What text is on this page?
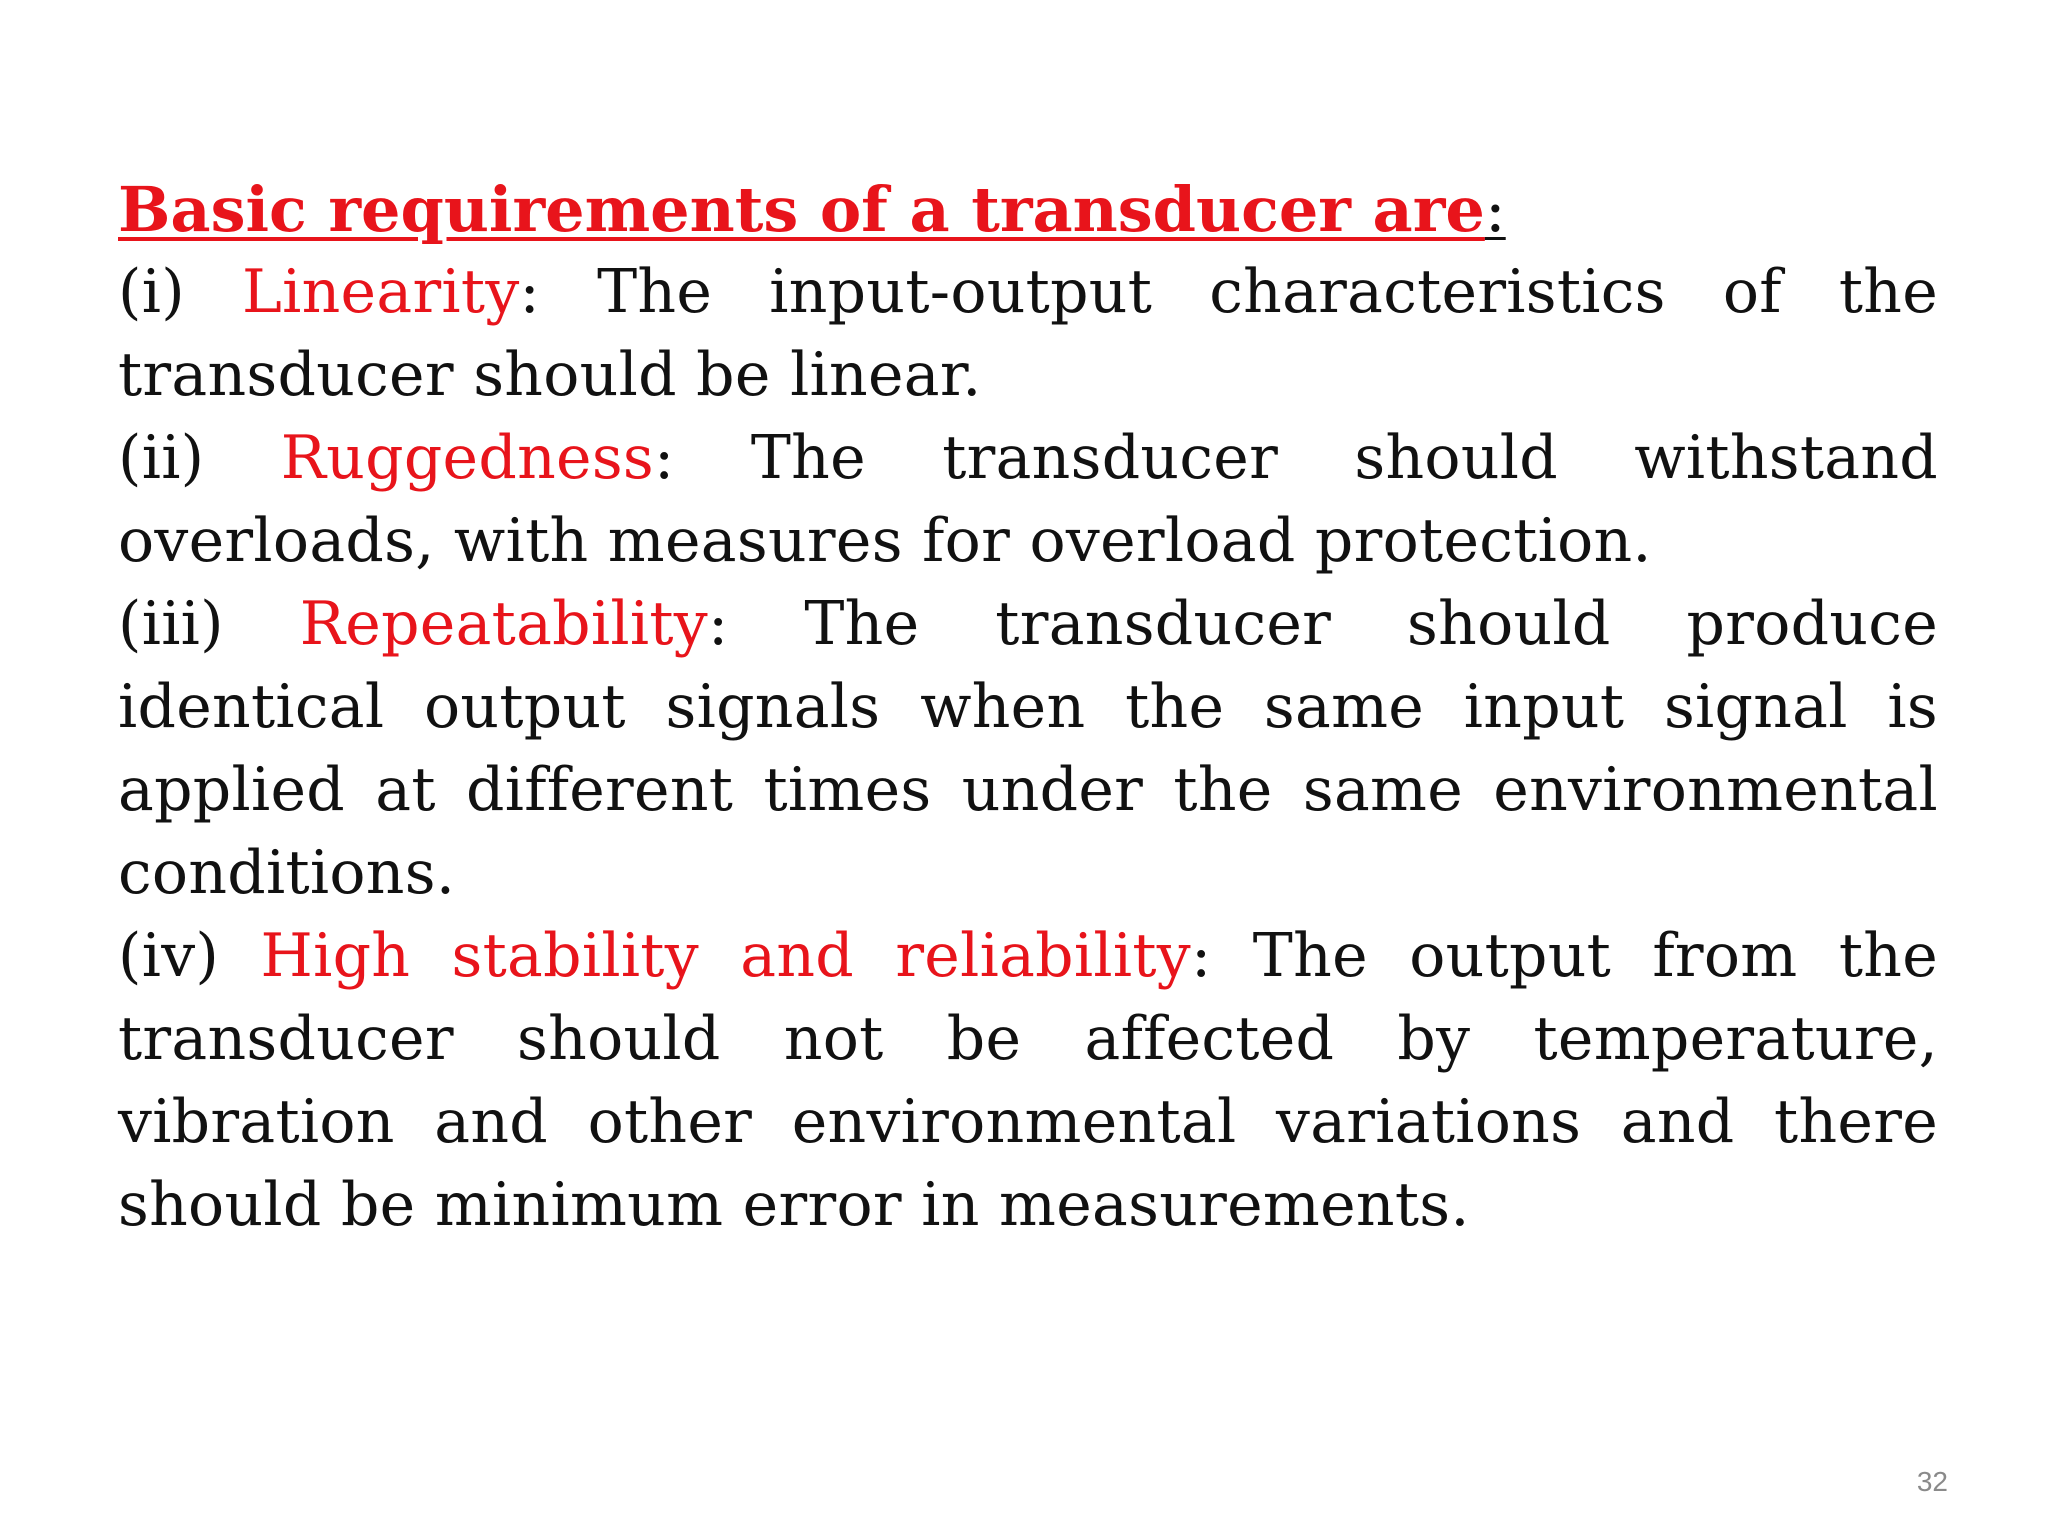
Basic requirements of a transducer are:

(i) Linearity: The input-output characteristics of the transducer should be linear.

(ii) Ruggedness: The transducer should withstand overloads, with measures for overload protection.

(iii) Repeatability: The transducer should produce identical output signals when the same input signal is applied at different times under the same environmental conditions.

(iv) High stability and reliability: The output from the transducer should not be affected by temperature, vibration and other environmental variations and there should be minimum error in measurements.

32
